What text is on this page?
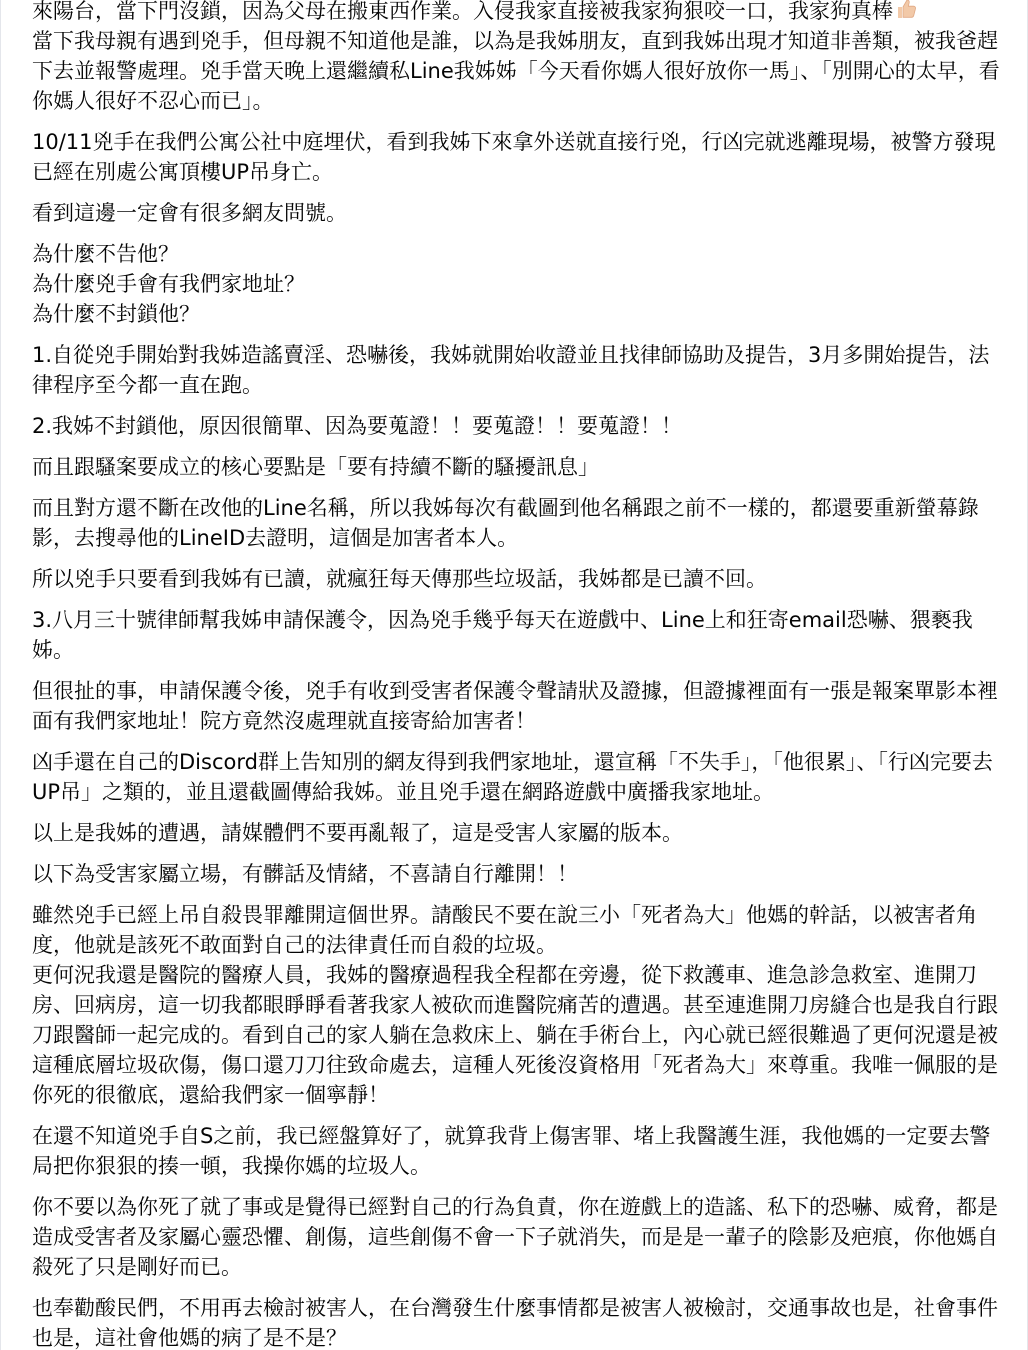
來陽台，當下門沒鎖，因為父母在搬東西作業。入侵我家直接被我家狗狠咬一口，我家狗真棒
當下我母親有遇到兇手，但母親不知道他是誰，以為是我姊朋友，直到我姊出現才知道非善類，被我爸趕下去並報警處理。兇手當天晚上還繼續私Line我姊姊「今天看你媽人很好放你一馬」、「別開心的太早，看你媽人很好不忍心而已」。

10/11兇手在我們公寓公社中庭埋伏，看到我姊下來拿外送就直接行兇，行凶完就逃離現場，被警方發現已經在別處公寓頂樓UP吊身亡。

看到這邊一定會有很多網友問號。

為什麼不告他？
為什麼兇手會有我們家地址？
為什麼不封鎖他？

1.自從兇手開始對我姊造謠賣淫、恐嚇後，我姊就開始收證並且找律師協助及提告，3月多開始提告，法律程序至今都一直在跑。

2.我姊不封鎖他，原因很簡單、因為要蒐證！！要蒐證！！要蒐證！！

而且跟騷案要成立的核心要點是「要有持續不斷的騷擾訊息」

而且對方還不斷在改他的Line名稱，所以我姊每次有截圖到他名稱跟之前不一樣的，都還要重新螢幕錄影，去搜尋他的LineID去證明，這個是加害者本人。

所以兇手只要看到我姊有已讀，就瘋狂每天傳那些垃圾話，我姊都是已讀不回。

3.八月三十號律師幫我姊申請保護令，因為兇手幾乎每天在遊戲中、Line上和狂寄email恐嚇、猥褻我姊。

但很扯的事，申請保護令後，兇手有收到受害者保護令聲請狀及證據，但證據裡面有一張是報案單影本裡面有我們家地址！院方竟然沒處理就直接寄給加害者！

凶手還在自己的Discord群上告知別的網友得到我們家地址，還宣稱「不失手」，「他很累」、「行凶完要去UP吊」之類的，並且還截圖傳給我姊。並且兇手還在網路遊戲中廣播我家地址。

以上是我姊的遭遇，請媒體們不要再亂報了，這是受害人家屬的版本。

以下為受害家屬立場，有髒話及情緒，不喜請自行離開！！

雖然兇手已經上吊自殺畏罪離開這個世界。請酸民不要在說三小「死者為大」他媽的幹話，以被害者角度，他就是該死不敢面對自己的法律責任而自殺的垃圾。

更何況我還是醫院的醫療人員，我姊的醫療過程我全程都在旁邊，從下救護車、進急診急救室、進開刀房、回病房，這一切我都眼睜睜看著我家人被砍而進醫院痛苦的遭遇。甚至連進開刀房縫合也是我自行跟刀跟醫師一起完成的。看到自己的家人躺在急救床上、躺在手術台上，內心就已經很難過了更何況還是被這種底層垃圾砍傷，傷口還刀刀往致命處去，這種人死後沒資格用「死者為大」來尊重。我唯一佩服的是你死的很徹底，還給我們家一個寧靜！

在還不知道兇手自S之前，我已經盤算好了，就算我背上傷害罪、堵上我醫護生涯，我他媽的一定要去警局把你狠狠的揍一頓，我操你媽的垃圾人。

你不要以為你死了就了事或是覺得已經對自己的行為負責，你在遊戲上的造謠、私下的恐嚇、威脅，都是造成受害者及家屬心靈恐懼、創傷，這些創傷不會一下子就消失，而是是一輩子的陰影及疤痕，你他媽自殺死了只是剛好而已。

也奉勸酸民們，不用再去檢討被害人，在台灣發生什麼事情都是被害人被檢討，交通事故也是，社會事件也是，這社會他媽的病了是不是？
